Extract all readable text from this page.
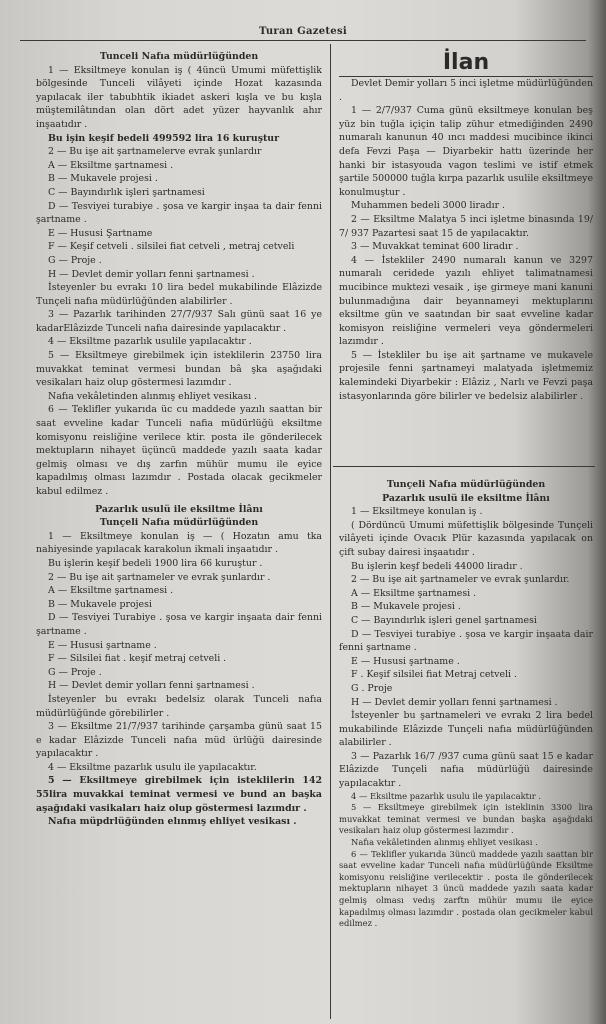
Turan Gazetesi
Tunceli Nafıa müdürlüğünden
1 — Eksiltmeye konulan iş ( 4üncü Umumi müfettişlik bölgesinde Tunceli vilâyeti içinde Hozat kazasında yapılacak iler tabubhtik ikiadet askeri kışla ve bu kışla müştemilâtından olan dört adet yüzer hayvanlık ahır inşaatıdır .
Bu işin keşif bedeli 499592 lira 16 kuruştur
2 — Bu işe ait şartnamelerve evrak şunlardır
A — Eksiltme şartnamesi .
B — Mukavele projesi .
C — Bayındırlık işleri şartnamesi
D — Tesviyei turabiye . şosa ve kargir inşaa ta dair fenni şartname .
E — Hususi Şartname
F — Keşif cetveli . silsilei fiat cetveli , metraj cetveli
G — Proje .
H — Devlet demir yolları fenni şartnamesi .
İsteyenler bu evrakı 10 lira bedel mukabilinde Elâzizde Tunçeli nafıa müdürlüğünden alabilirler .
3 — Pazarlık tarihinden 27/7/937 Salı günü saat 16 ye kadarElâzizde Tunceli nafıa dairesinde yapılacaktır .
4 — Eksiltme pazarlık usulile yapılacaktır .
5 — Eksiltmeye girebilmek için isteklilerin 23750 lira muvakkat teminat vermesi bundan bâ şka aşağıdaki vesikaları haiz olup göstermesi lazımdır .
Nafıa vekâletinden alınmış ehliyet vesikası .
6 — Teklifler yukarıda üc cu maddede yazılı saattan bir saat evveline kadar Tunceli nafia müdürlüğü eksiltme komisyonu reisliğine verilece ktir. posta ile gönderilecek mektupların nihayet üçüncü maddede yazılı saata kadar gelmiş olması ve dış zarfın mühür mumu ile eyice kapadılmış olması lazımdır . Postada olacak gecikmeler kabul edilmez .
Pazarlık usulü ile eksiltme İlânı
Tunçeli Nafıa müdürlüğünden
1 — Eksiltmeye konulan iş — ( Hozatın amu tka nahiyesinde yapılacak karakolun ikmali inşaatıdır .
Bu işlerin keşif bedeli 1900 lira 66 kuruştur .
2 — Bu işe ait şartnameler ve evrak şunlardır .
A — Eksiltme şartnamesi .
B — Mukavele projesi
D — Tesviyei Turabiye . şosa ve kargir inşaata dair fenni şartname .
E — Hususi şartname .
F — Silsilei fiat . keşif metraj cetveli .
G — Proje .
H — Devlet demir yolları fenni şartnamesi .
İsteyenler bu evrakı bedelsiz olarak Tunceli nafıa müdürlüğünde görebilirler .
3 — Eksiltme 21/7/937 tarihinde çarşamba günü saat 15 e kadar Elâzizde Tunceli nafıa müd ürlüğü dairesinde yapılacaktır .
4 — Eksiltme pazarlık usulu ile yapılacaktır.
5 — Eksiltmeye girebilmek için isteklilerin 142 55lira muvakkai teminat vermesi ve bund an başka aşağıdaki vasikaları haiz olup göstermesi lazımdır .
Nafıa müpdrlüğünden elınmış ehliyet vesikası .
İlan
Devlet Demir yolları 5 inci işletme müdürlüğünden .
1 — 2/7/937 Cuma günü eksiltmeye konulan beş yüz bin tuğla içiçin talip zühur etmediğinden 2490 numaralı kanunun 40 ıncı maddesi mucibince ikinci defa Fevzi Paşa — Diyarbekir hattı üzerinde her hanki bir istasyouda vagon teslimi ve istif etmek şartile 500000 tuğla kırpa pazarlık usulile eksiltmeye konulmuştur .
Muhammen bedeli 3000 liradır .
2 — Eksiltme Malatya 5 inci işletme binasında 19/ 7/ 937 Pazartesi saat 15 de yapılacaktır.
3 — Muvakkat teminat 600 liradır .
4 — İstekliler 2490 numaralı kanun ve 3297 numaralı ceridede yazılı ehliyet talimatnamesi mucibince muktezi vesaik , işe girmeye mani kanuni bulunmadığına dair beyannameyi mektuplarını eksiltme gün ve saatından bir saat evveline kadar komisyon reisliğine vermeleri veya göndermeleri lazımdır .
5 — İstekliler bu işe ait şartname ve mukavele projesile fenni şartnameyi malatyada işletmemiz kalemindeki Diyarbekir : Elâziz , Narlı ve Fevzi paşa istasyonlarında göre bilirler ve bedelsiz alabilirler .
Tunçeli Nafıa müdürlüğünden
Pazarlık usulü ile eksiltme İlânı
1 — Eksiltmeye konulan iş .
( Dördüncü Umumi müfettişlik bölgesinde Tunçeli vilâyeti içinde Ovacık Plür kazasında yapılacak on çift subay dairesi inşaatıdır .
Bu işlerin keşf bedeli 44000 liradır .
2 — Bu işe ait şartnameler ve evrak şunlardır.
A — Eksiltme şartnamesi .
B — Mukavele projesi .
C — Bayındırlık işleri genel şartnamesi
D — Tesviyei turabiye . şosa ve kargir inşaata dair fenni şartname .
E — Hususi şartname .
F . Keşif silsilei fiat Metraj cetveli .
G . Proje
H — Devlet demir yolları fenni şartnamesi .
İsteyenler bu şartnameleri ve evrakı 2 lira bedel mukabilinde Elâzizde Tunçeli nafıa müdürlüğünden alabilirler .
3 — Pazarlık 16/7 /937 cuma günü saat 15 e kadar Elâzizde Tunçeli nafıa müdürlüğü dairesinde yapılacaktır .
4 — Eksiltme pazarlık usulu ile yapılacaktır .
5 — Eksiltmeye girebilmek için isteklinin 3300 lira muvakkat teminat vermesi ve bundan başka aşağıdaki vesikaları haiz olup göstermesi lazımdır .
Nafıa vekâletinden alınmış ehliyet vesikası .
6 — Teklifler yukarıda 3üncü maddede yazılı saattan bir saat evveline kadar Tunceli nafıa müdürlüğünde Eksiltme komisyonu reisliğine verilecektir . posta ile gönderilecek mektupların nihayet 3 üncü maddede yazılı saata kadar gelmiş olması vedış zarftn mühür mumu ile eyice kapadılmış olması lazımdır . postada olan gecikmeler kabul edilmez .
